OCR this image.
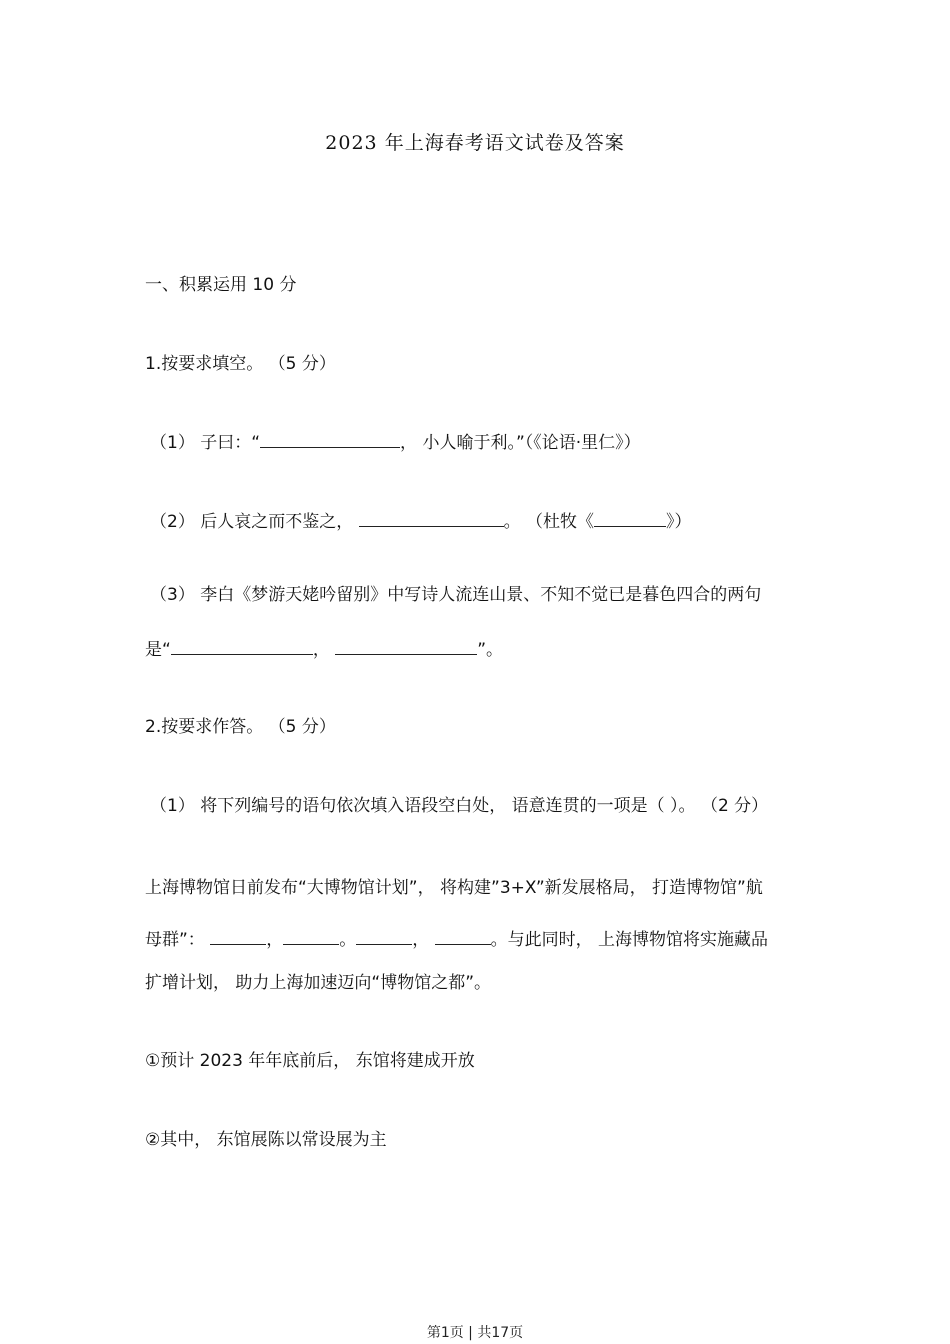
2023 年上海春考语文试卷及答案
一、积累运用 10 分
1.按要求填空。 （5 分）
（1） 子曰：“	， 小人喻于利。”（《论语·里仁》）
（2） 后人哀之而不鉴之，	。 （杜牧《	》）
（3） 李白《梦游天姥吟留别》中写诗人流连山景、不知不觉已是暮色四合的两句
是“	，	”。
2.按要求作答。 （5 分）
（1） 将下列编号的语句依次填入语段空白处， 语意连贯的一项是（ ）。 （2 分）
上海博物馆日前发布“大博物馆计划”， 将构建”3+X”新发展格局， 打造博物馆”航
母群”：	，	。	，	。与此同时， 上海博物馆将实施藏品
扩增计划， 助力上海加速迈向“博物馆之都”。
①预计 2023 年年底前后， 东馆将建成开放
②其中， 东馆展陈以常设展为主
第1页 | 共17页
